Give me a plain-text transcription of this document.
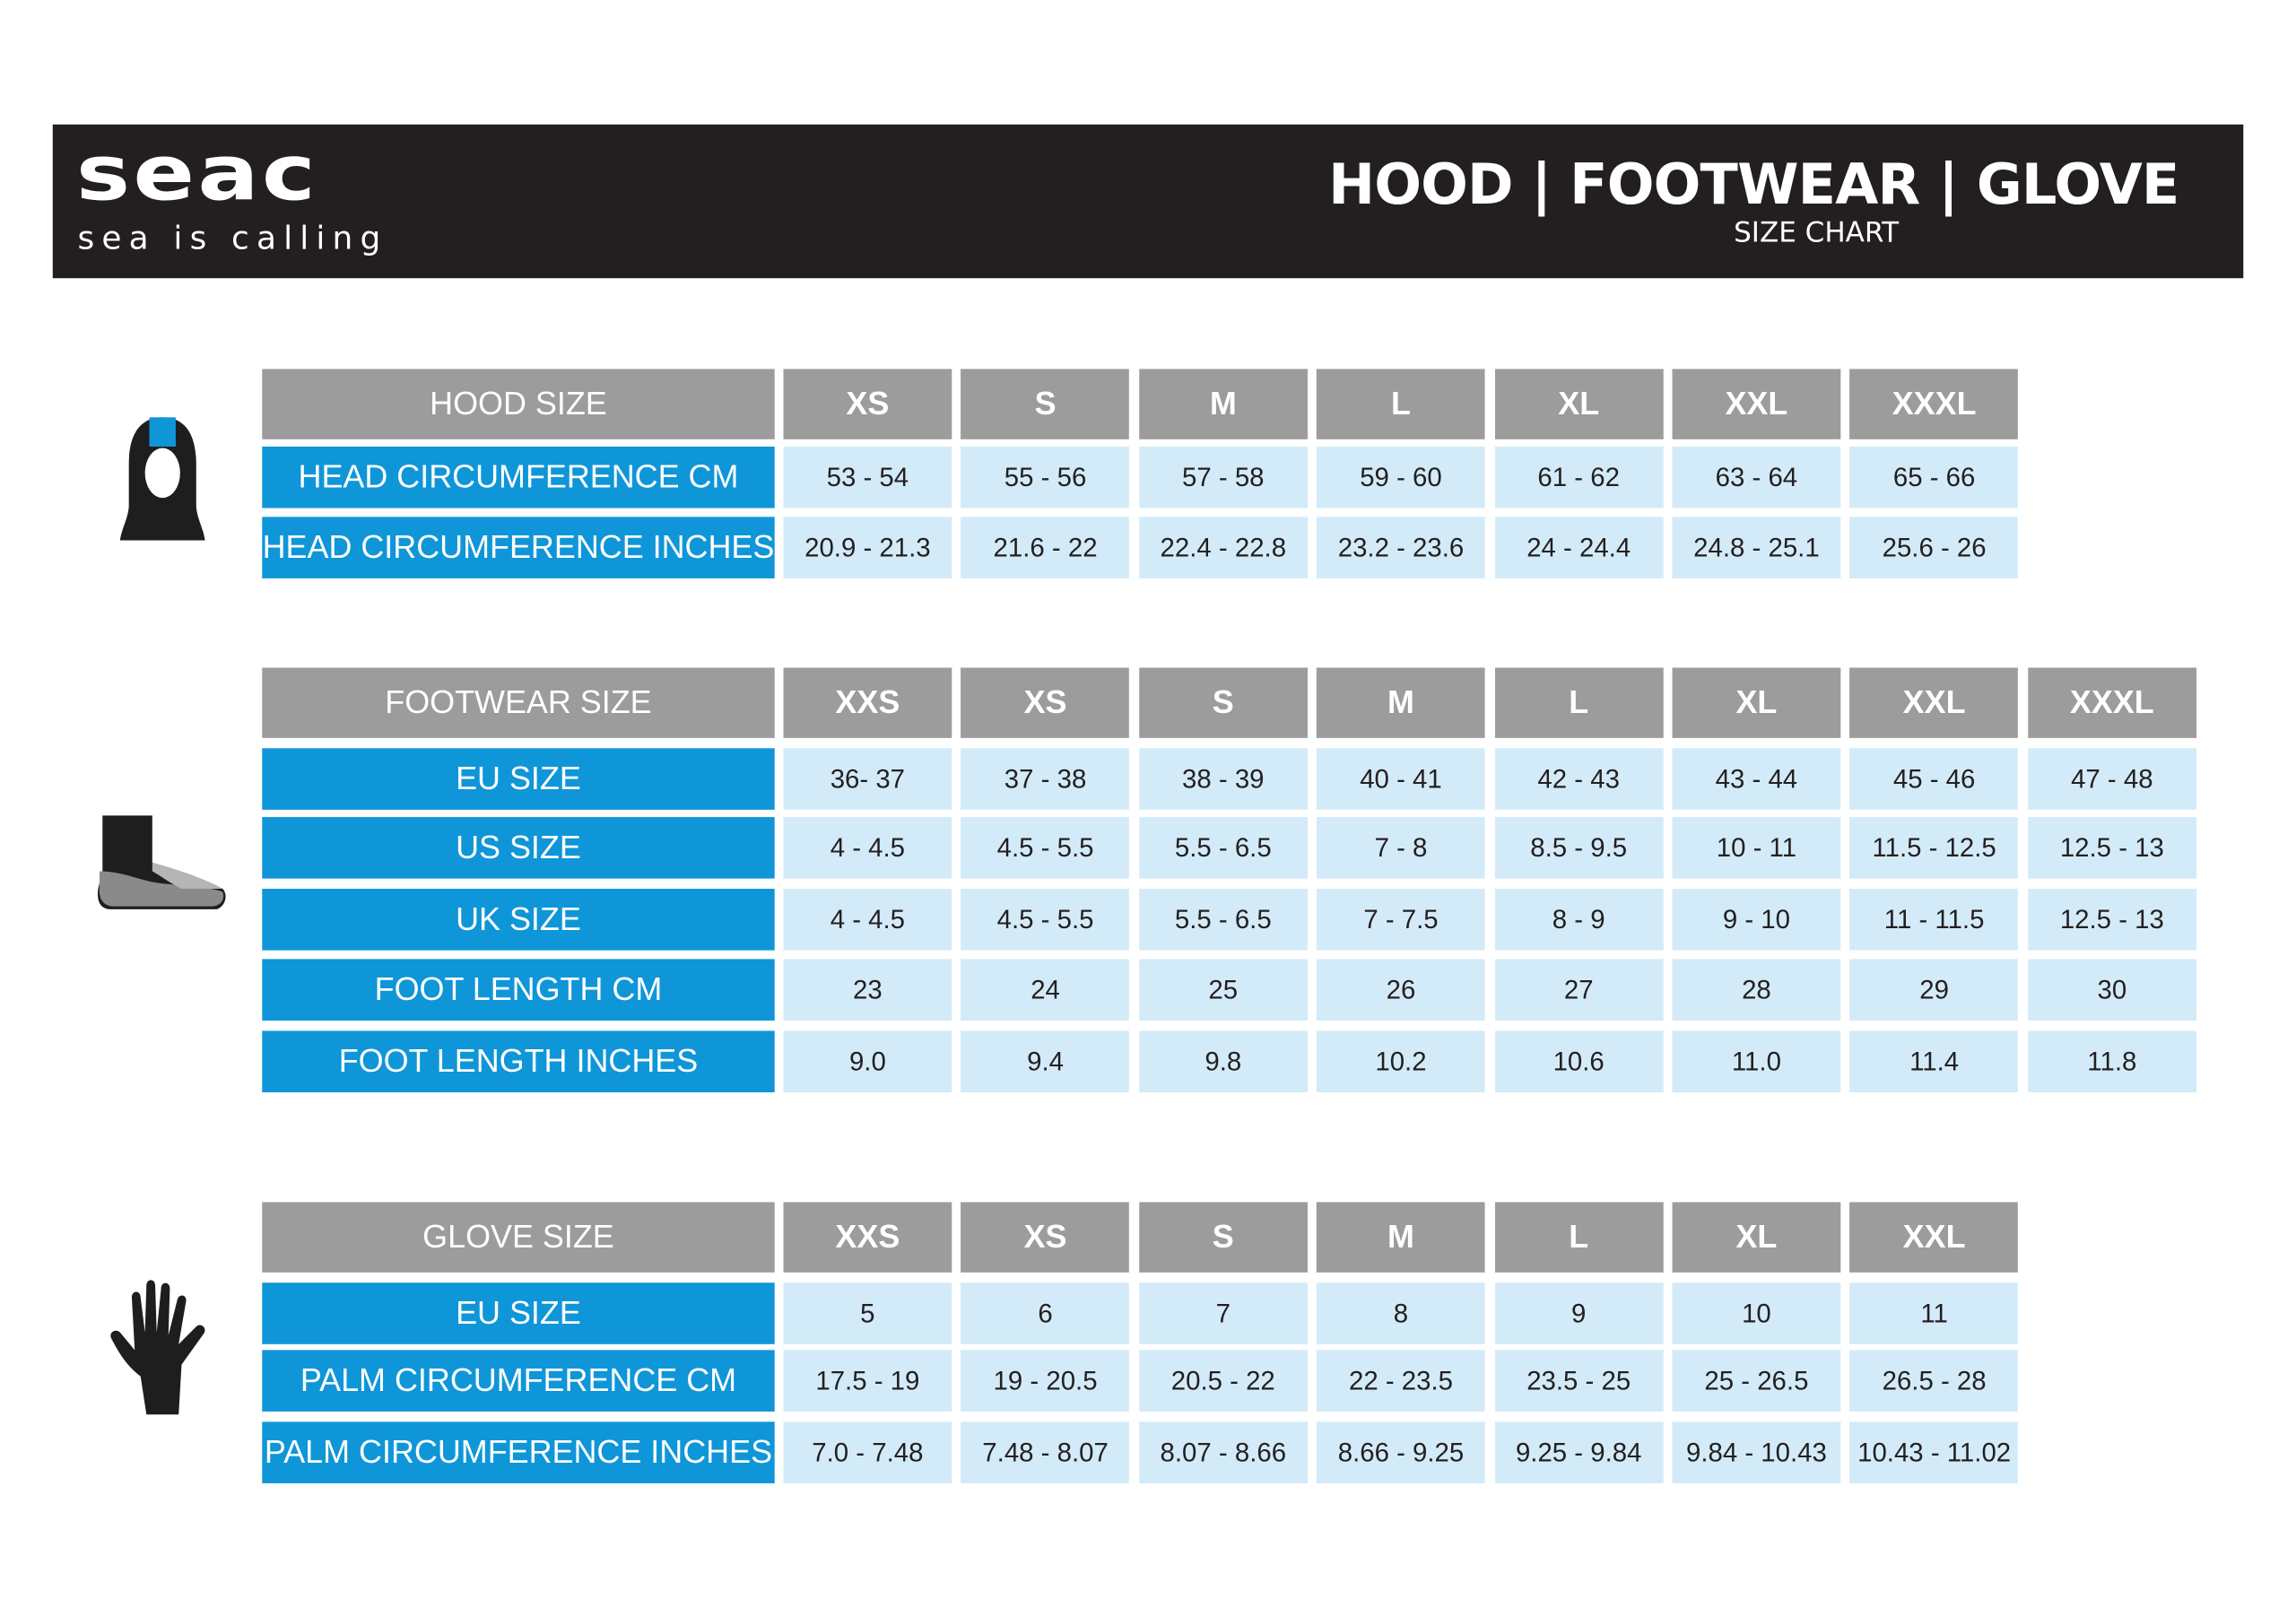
seac
sea is calling
HOOD | FOOTWEAR | GLOVE
SIZE CHART
HOOD SIZE	XS	S	M	L	XL	XXL	XXXL
HEAD CIRCUMFERENCE CM	53 - 54	55 - 56	57 - 58	59 - 60	61 - 62	63 - 64	65 - 66
HEAD CIRCUMFERENCE INCHES	20.9 - 21.3	21.6 - 22	22.4 - 22.8	23.2 - 23.6	24 - 24.4	24.8 - 25.1	25.6 - 26
FOOTWEAR SIZE	XXS	XS	S	M	L	XL	XXL	XXXL
EU SIZE	36- 37	37 - 38	38 - 39	40 - 41	42 - 43	43 - 44	45 - 46	47 - 48
US SIZE	4 - 4.5	4.5 - 5.5	5.5 - 6.5	7 - 8	8.5 - 9.5	10 - 11	11.5 - 12.5	12.5 - 13
UK SIZE	4 - 4.5	4.5 - 5.5	5.5 - 6.5	7 - 7.5	8 - 9	9 - 10	11 - 11.5	12.5 - 13
FOOT LENGTH CM	23	24	25	26	27	28	29	30
FOOT LENGTH INCHES	9.0	9.4	9.8	10.2	10.6	11.0	11.4	11.8
GLOVE SIZE	XXS	XS	S	M	L	XL	XXL
EU SIZE	5	6	7	8	9	10	11
PALM CIRCUMFERENCE CM	17.5 - 19	19 - 20.5	20.5 - 22	22 - 23.5	23.5 - 25	25 - 26.5	26.5 - 28
PALM CIRCUMFERENCE INCHES	7.0 - 7.48	7.48 - 8.07	8.07 - 8.66	8.66 - 9.25	9.25 - 9.84	9.84 - 10.43	10.43 - 11.02
